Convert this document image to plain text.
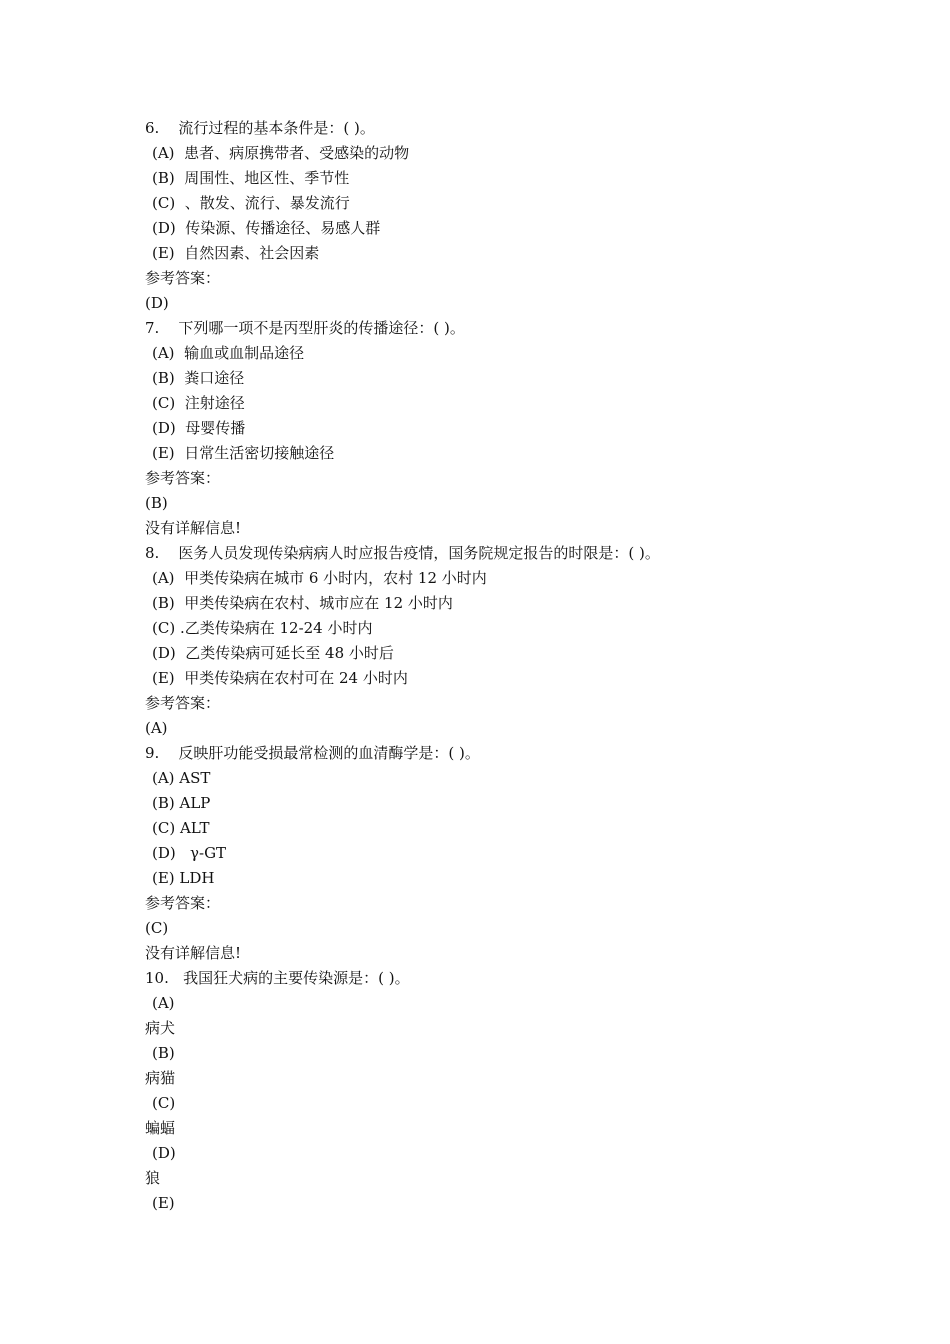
6.    流行过程的基本条件是：( )。
(A)  患者、病原携带者、受感染的动物
(B)  周围性、地区性、季节性
(C)  、散发、流行、暴发流行
(D)  传染源、传播途径、易感人群
(E)  自然因素、社会因素
参考答案：
(D)
7.    下列哪一项不是丙型肝炎的传播途径：( )。
(A)  输血或血制品途径
(B)  粪口途径
(C)  注射途径
(D)  母婴传播
(E)  日常生活密切接触途径
参考答案：
(B)
没有详解信息!
8.    医务人员发现传染病病人时应报告疫情，国务院规定报告的时限是：( )。
(A)  甲类传染病在城市 6 小时内，农村 12 小时内
(B)  甲类传染病在农村、城市应在 12 小时内
(C) .乙类传染病在 12-24 小时内
(D)  乙类传染病可延长至 48 小时后
(E)  甲类传染病在农村可在 24 小时内
参考答案：
(A)
9.    反映肝功能受损最常检测的血清酶学是：( )。
(A) AST
(B) ALP
(C) ALT
(D)   γ-GT
(E) LDH
参考答案：
(C)
没有详解信息!
10.   我国狂犬病的主要传染源是：( )。
(A)
病犬
(B)
病猫
(C)
蝙蝠
(D)
狼
(E)
